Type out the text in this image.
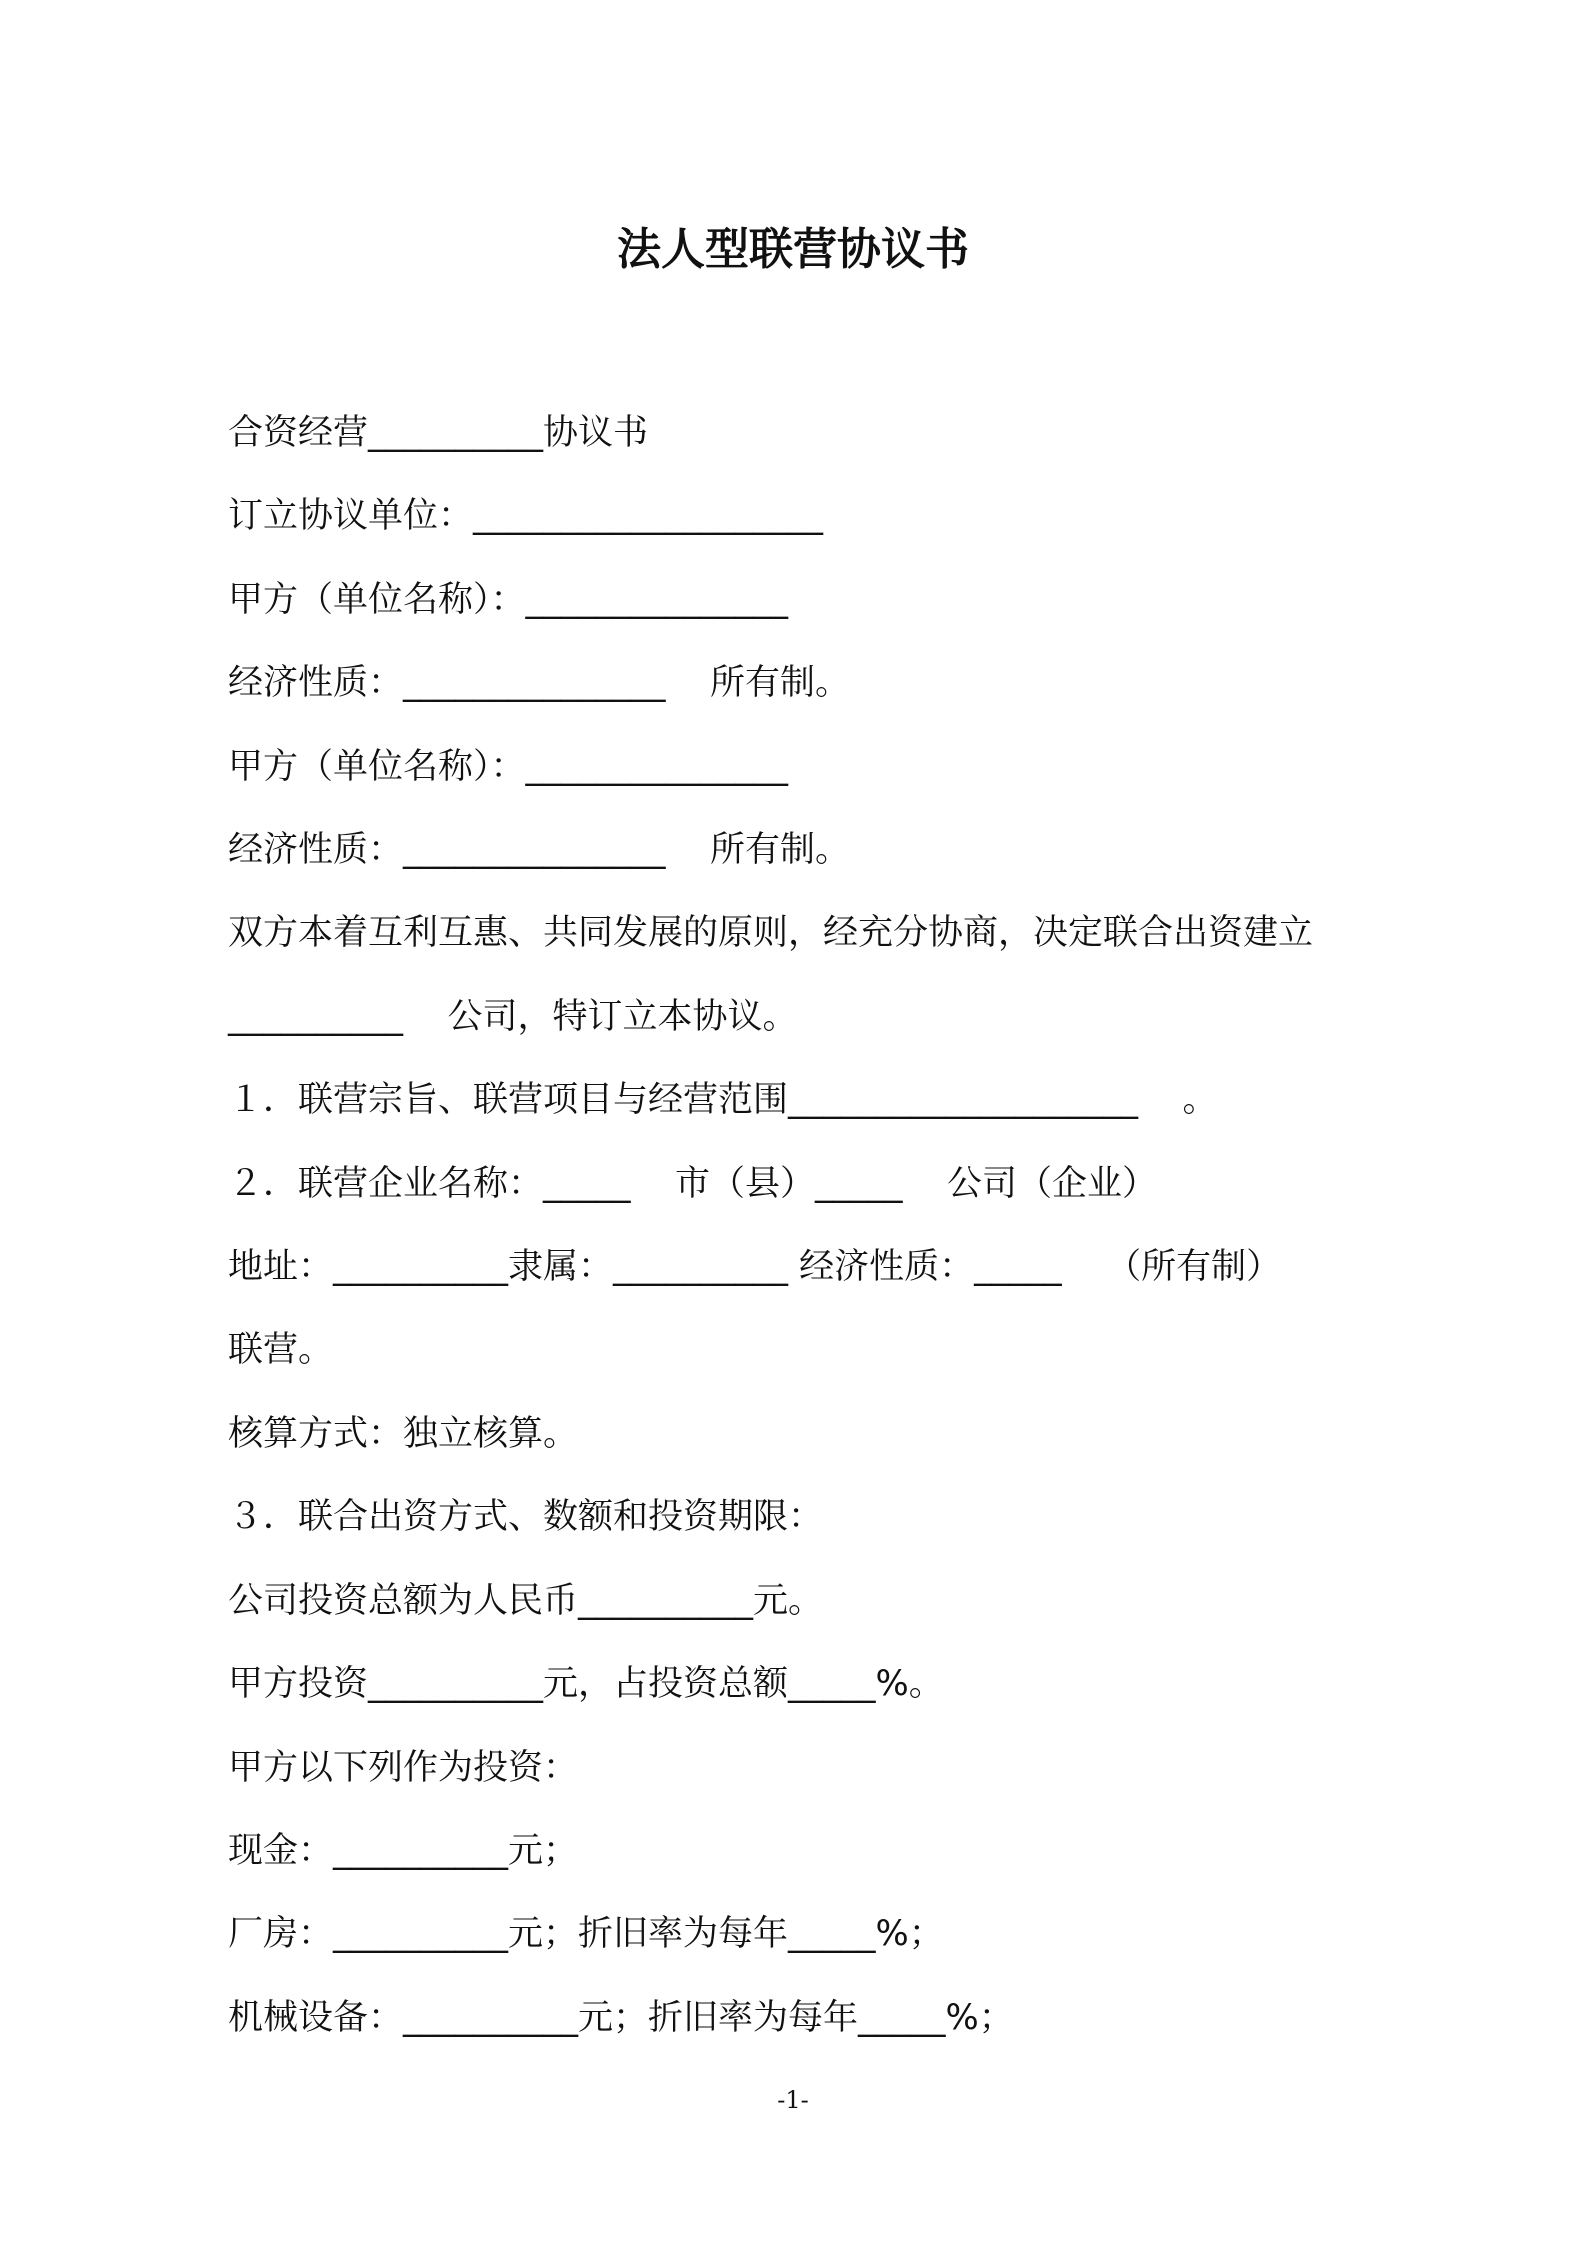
法人型联营协议书
合资经营__________协议书
订立协议单位：____________________
甲方（单位名称）：_______________
经济性质：_______________    所有制。
甲方（单位名称）：_______________
经济性质：_______________    所有制。
双方本着互利互惠、共同发展的原则，经充分协商，决定联合出资建立
__________    公司，特订立本协议。
１．联营宗旨、联营项目与经营范围____________________    。
２．联营企业名称：_____    市（县）_____    公司（企业）
地址：__________隶属：__________ 经济性质：_____    （所有制）
联营。
核算方式：独立核算。
３．联合出资方式、数额和投资期限：
公司投资总额为人民币__________元。
甲方投资__________元，占投资总额_____%。
甲方以下列作为投资：
现金：__________元；
厂房：__________元；折旧率为每年_____%；
机械设备：__________元；折旧率为每年_____%；
-1-
